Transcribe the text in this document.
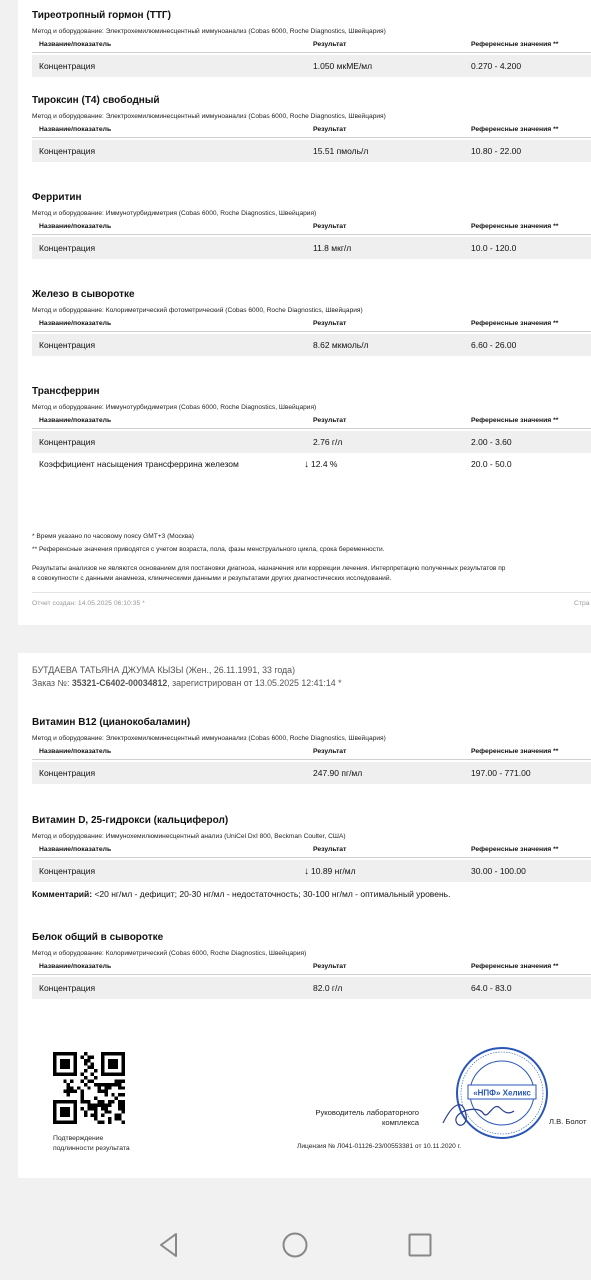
Тиреотропный гормон (ТТГ)
Метод и оборудование: Электрохемилюминесцентный иммуноанализ (Cobas 6000, Roche Diagnostics, Швейцария)
Название/показатель	Результат	Референсные значения **
Концентрация	1.050 мкМЕ/мл	0.270 - 4.200
Тироксин (Т4) свободный
Метод и оборудование: Электрохемилюминесцентный иммуноанализ (Cobas 6000, Roche Diagnostics, Швейцария)
Название/показатель	Результат	Референсные значения **
Концентрация	15.51 пмоль/л	10.80 - 22.00
Ферритин
Метод и оборудование: Иммунотурбидиметрия (Cobas 6000, Roche Diagnostics, Швейцария)
Название/показатель	Результат	Референсные значения **
Концентрация	11.8 мкг/л	10.0 - 120.0
Железо в сыворотке
Метод и оборудование: Колориметрический фотометрический (Cobas 6000, Roche Diagnostics, Швейцария)
Название/показатель	Результат	Референсные значения **
Концентрация	8.62 мкмоль/л	6.60 - 26.00
Трансферрин
Метод и оборудование: Иммунотурбидиметрия (Cobas 6000, Roche Diagnostics, Швейцария)
Название/показатель	Результат	Референсные значения **
Концентрация	2.76 г/л	2.00 - 3.60
Коэффициент насыщения трансферрина железом	↓ 12.4 %	20.0 - 50.0
* Время указано по часовому поясу GMT+3 (Москва)
** Референсные значения приводятся с учетом возраста, пола, фазы менструального цикла, срока беременности.
Результаты анализов не являются основанием для постановки диагноза, назначения или коррекции лечения. Интерпретацию полученных результатов пр
в совокупности с данными анамнеза, клиническими данными и результатами других диагностических исследований.
Отчет создан: 14.05.2025 06:10:35 *	Стра
БУТДАЕВА ТАТЬЯНА ДЖУМА КЫЗЫ (Жен., 26.11.1991, 33 года)
Заказ №: 35321-C6402-00034812, зарегистрирован от 13.05.2025 12:41:14 *
Витамин B12 (цианокобаламин)
Метод и оборудование: Электрохемилюминесцентный иммуноанализ (Cobas 6000, Roche Diagnostics, Швейцария)
Название/показатель	Результат	Референсные значения **
Концентрация	247.90 пг/мл	197.00 - 771.00
Витамин D, 25-гидрокси (кальциферол)
Метод и оборудование: Иммунохемилюминесцентный анализ (UniCel DxI 800, Beckman Coulter, США)
Название/показатель	Результат	Референсные значения **
Концентрация	↓ 10.89 нг/мл	30.00 - 100.00
Комментарий: <20 нг/мл - дефицит; 20-30 нг/мл - недостаточность; 30-100 нг/мл - оптимальный уровень.
Белок общий в сыворотке
Метод и оборудование: Колориметрический (Cobas 6000, Roche Diagnostics, Швейцария)
Название/показатель	Результат	Референсные значения **
Концентрация	82.0 г/л	64.0 - 83.0
Подтверждение
подлинности результата
«НПФ» Хеликс
Руководитель лабораторного
комплекса	Л.В. Болот
Лицензия № Л041-01126-23/00553381 от 10.11.2020 г.
